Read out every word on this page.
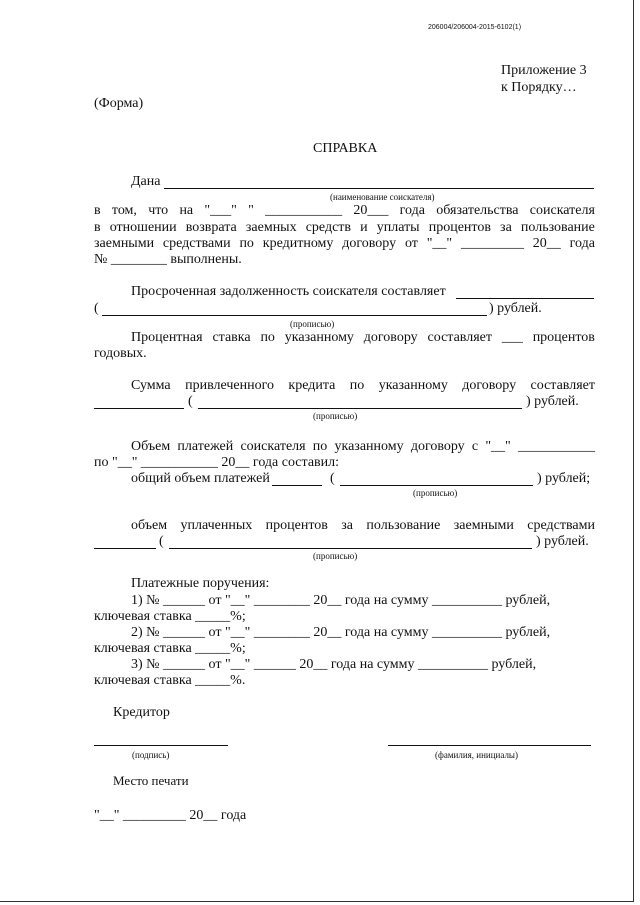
206004/206004-2015-6102(1)
Приложение 3
к Порядку…
(Форма)
СПРАВКА
Дана
(наименование соискателя)
в том, что на "___" " ___________ 20___ года обязательства соискателя
в отношении возврата заемных средств и уплаты процентов за пользование
заемными средствами по кредитному договору от "__" _________ 20__ года
№ ________ выполнены.
Просроченная задолженность соискателя составляет
(	) рублей.
(прописью)
Процентная ставка по указанному договору составляет ___ процентов
годовых.
Сумма привлеченного кредита по указанному договору составляет
(	) рублей.
(прописью)
Объем платежей соискателя по указанному договору с "__" ___________
по "__" ___________ 20__ года составил:
общий объем платежей	(	) рублей;
(прописью)
объем уплаченных процентов за пользование заемными средствами
(	) рублей.
(прописью)
Платежные поручения:
1) № ______ от "__" ________ 20__ года на сумму __________ рублей,
ключевая ставка _____%;
2) № ______ от "__" ________ 20__ года на сумму __________ рублей,
ключевая ставка _____%;
3) № ______ от "__" ______ 20__ года на сумму __________ рублей,
ключевая ставка _____%.
Кредитор
(подпись)	(фамилия, инициалы)
Место печати
"__" _________ 20__ года
